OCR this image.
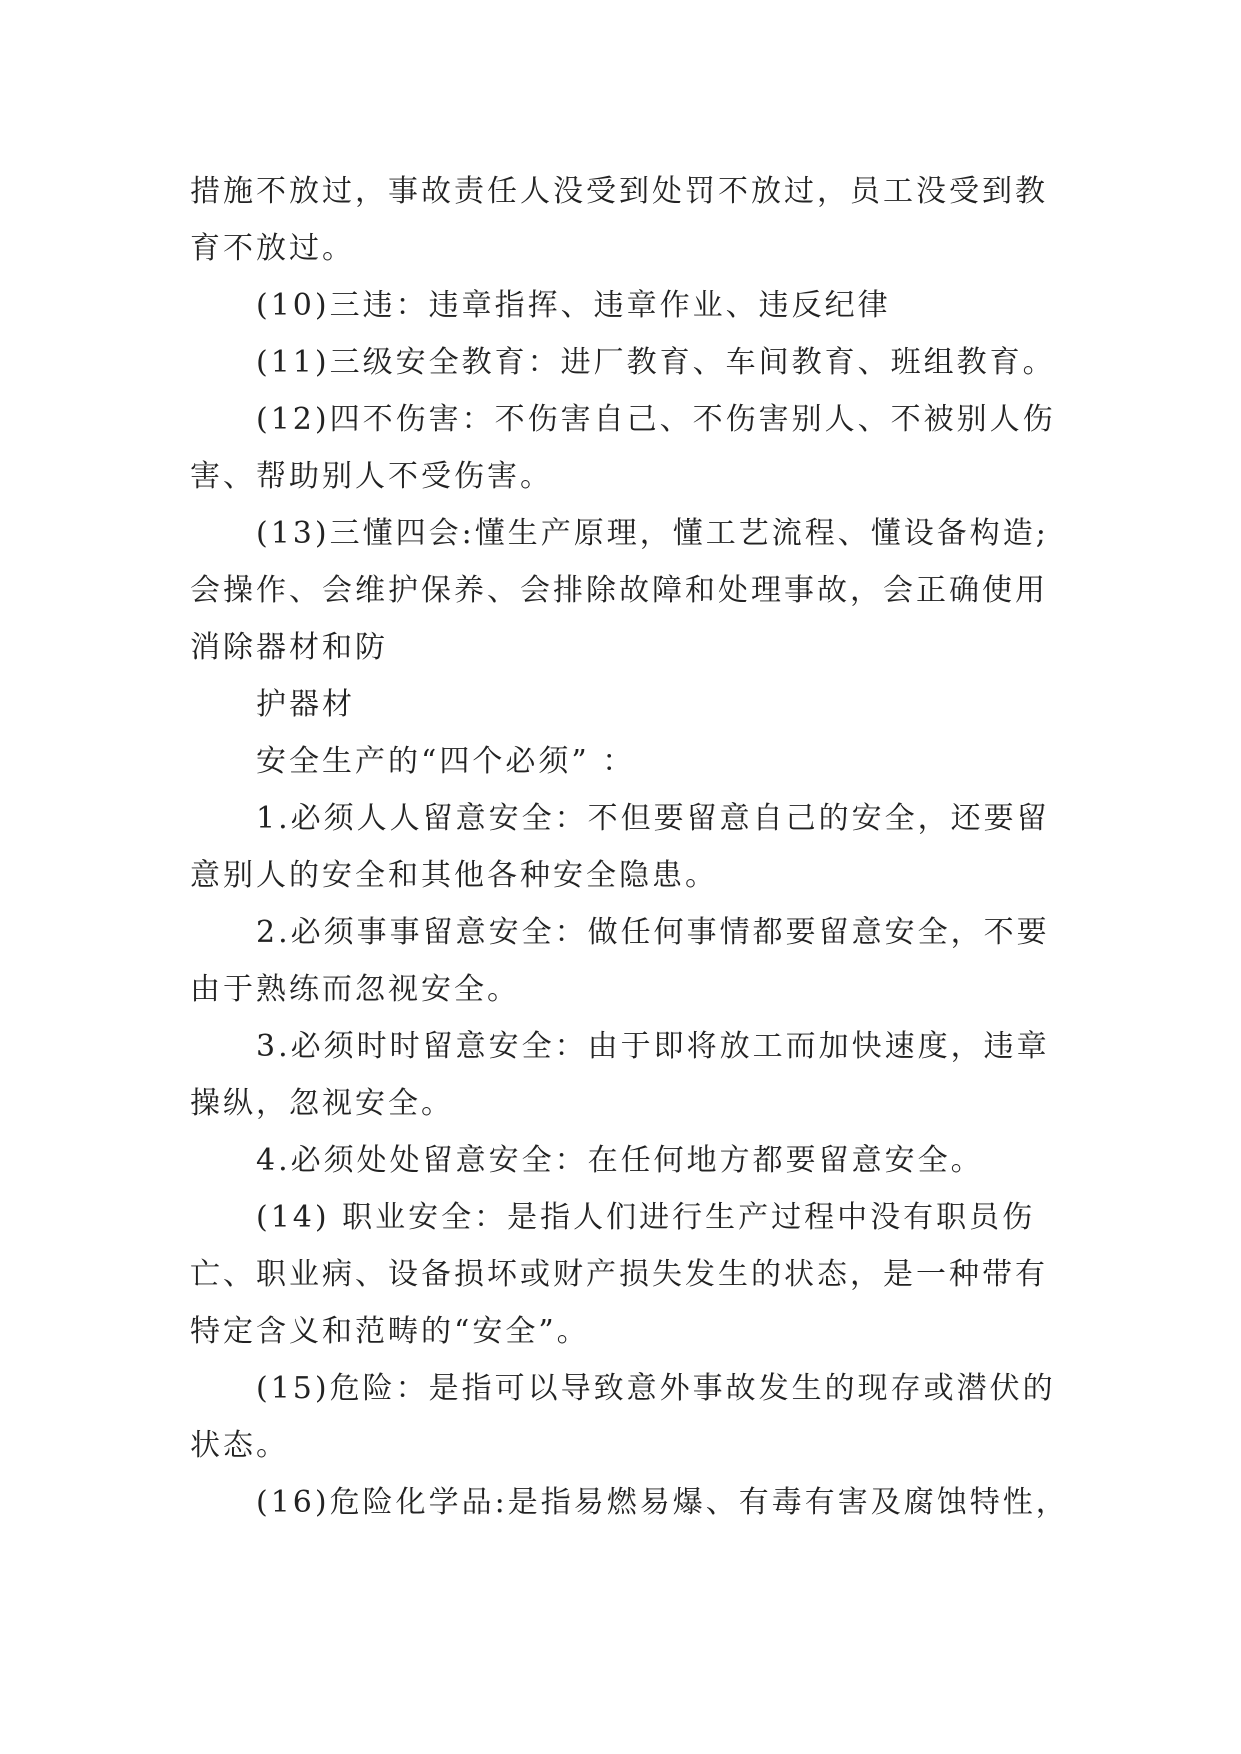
措施不放过，事故责任人没受到处罚不放过，员工没受到教
育不放过。
(10)三违：违章指挥、违章作业、违反纪律
(11)三级安全教育：进厂教育、车间教育、班组教育。
(12)四不伤害：不伤害自己、不伤害别人、不被别人伤
害、帮助别人不受伤害。
(13)三懂四会:懂生产原理，懂工艺流程、懂设备构造;
会操作、会维护保养、会排除故障和处理事故，会正确使用
消除器材和防
护器材
安全生产的“四个必须” ：
1.必须人人留意安全：不但要留意自己的安全，还要留
意别人的安全和其他各种安全隐患。
2.必须事事留意安全：做任何事情都要留意安全，不要
由于熟练而忽视安全。
3.必须时时留意安全：由于即将放工而加快速度，违章
操纵，忽视安全。
4.必须处处留意安全：在任何地方都要留意安全。
(14) 职业安全：是指人们进行生产过程中没有职员伤
亡、职业病、设备损坏或财产损失发生的状态，是一种带有
特定含义和范畴的“安全”。
(15)危险：是指可以导致意外事故发生的现存或潜伏的
状态。
(16)危险化学品:是指易燃易爆、有毒有害及腐蚀特性，
